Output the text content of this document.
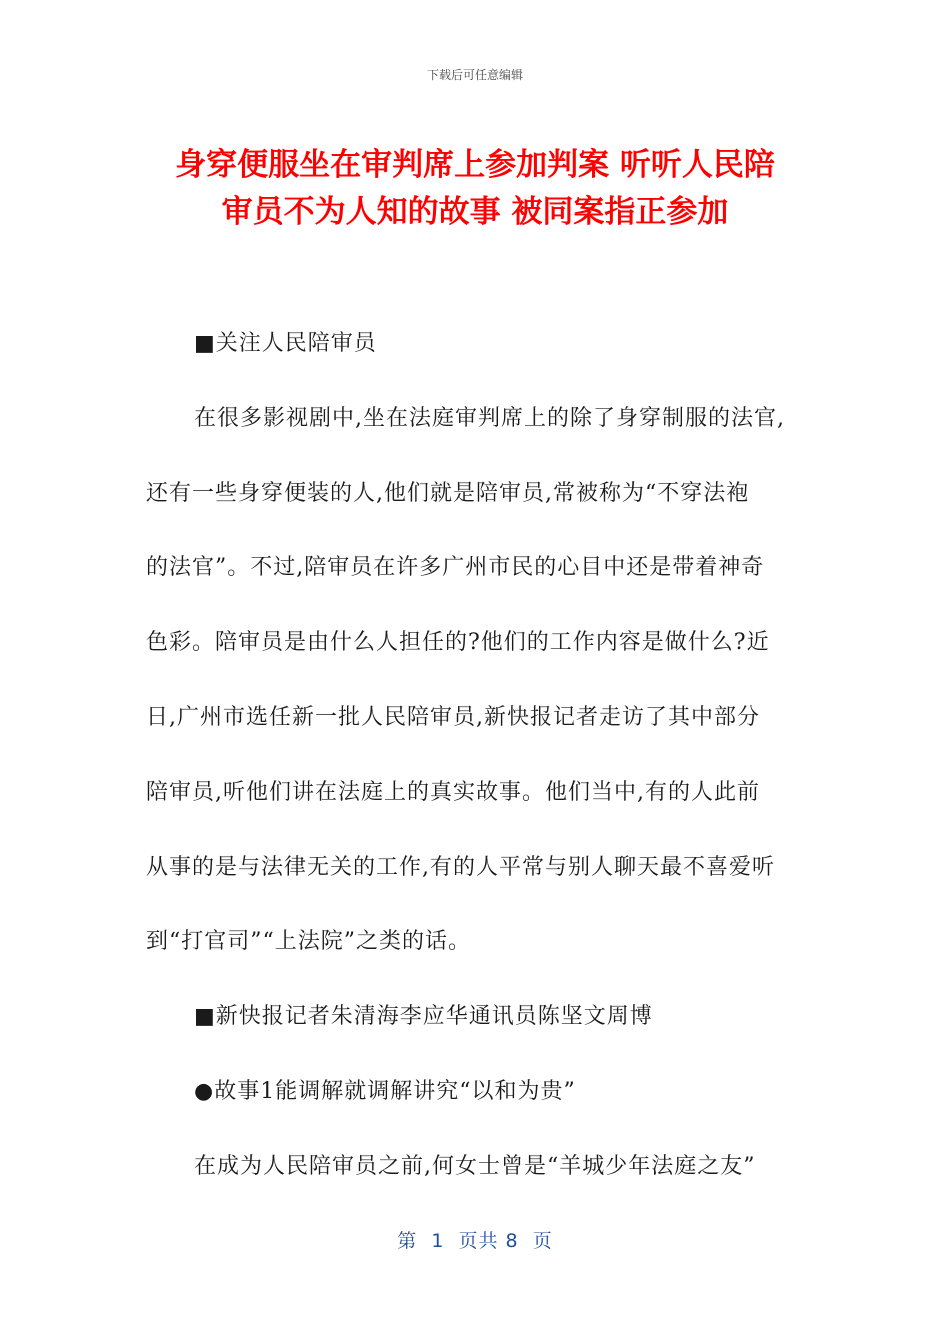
下载后可任意编辑
身穿便服坐在审判席上参加判案 听听人民陪
审员不为人知的故事 被同案指正参加
■关注人民陪审员
在很多影视剧中,坐在法庭审判席上的除了身穿制服的法官,
还有一些身穿便装的人,他们就是陪审员,常被称为“不穿法袍
的法官”。不过,陪审员在许多广州市民的心目中还是带着神奇
色彩。陪审员是由什么人担任的?他们的工作内容是做什么?近
日,广州市选任新一批人民陪审员,新快报记者走访了其中部分
陪审员,听他们讲在法庭上的真实故事。他们当中,有的人此前
从事的是与法律无关的工作,有的人平常与别人聊天最不喜爱听
到“打官司”“上法院”之类的话。
■新快报记者朱清海李应华通讯员陈坚文周博
●故事1能调解就调解讲究“以和为贵”
在成为人民陪审员之前,何女士曾是“羊城少年法庭之友”
第  1  页共 8  页
